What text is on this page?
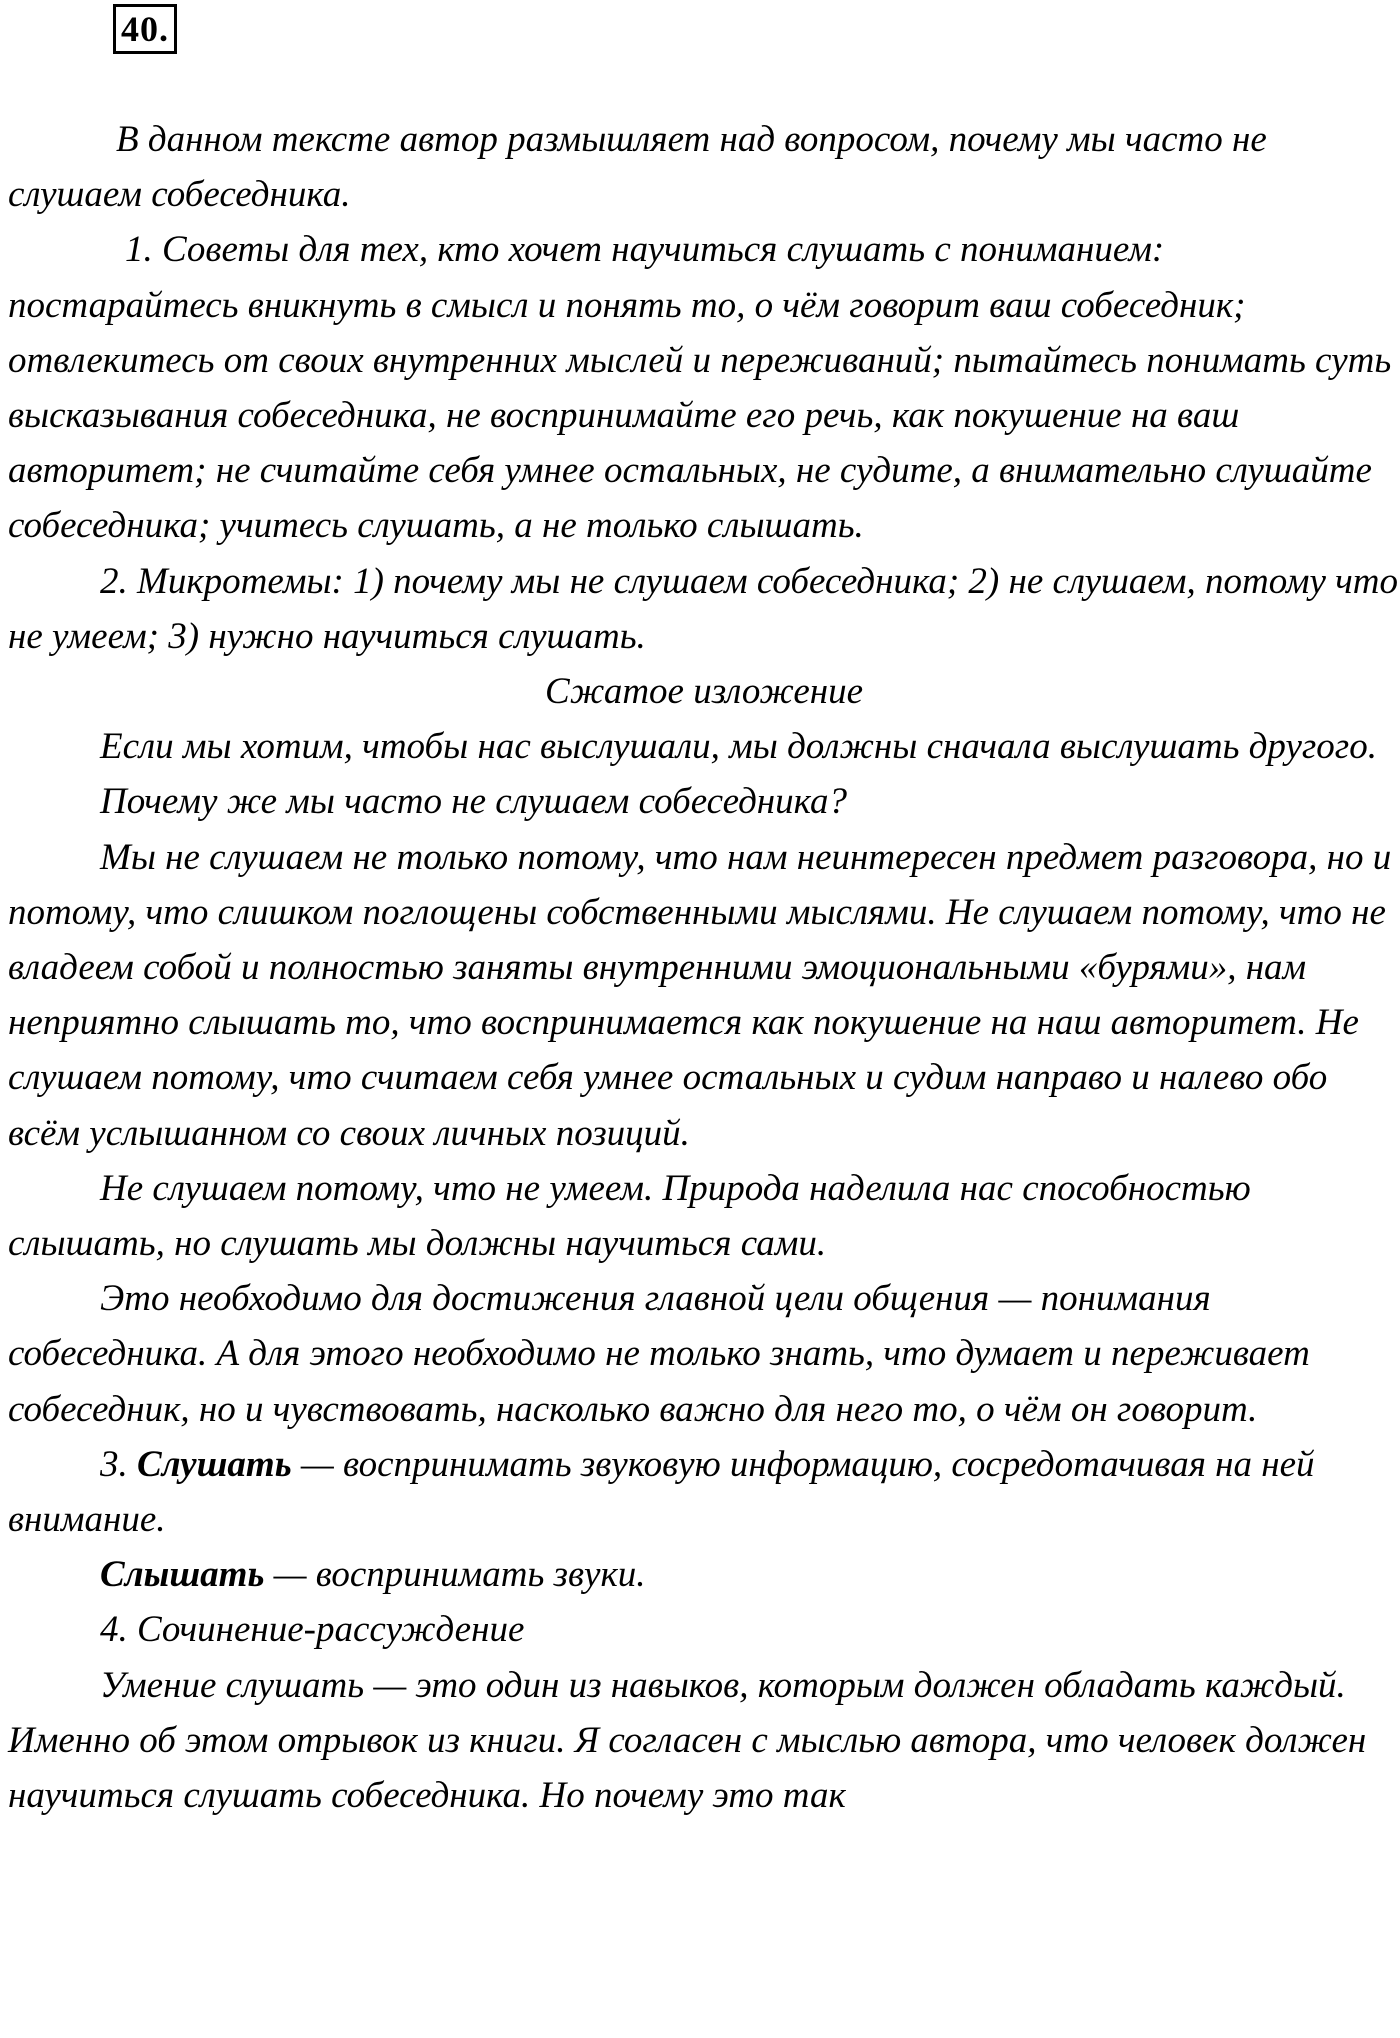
40.

В данном тексте автор размышляет над вопросом, почему мы часто не слушаем собеседника.

1. Советы для тех, кто хочет научиться слушать с пониманием: постарайтесь вникнуть в смысл и понять то, о чём говорит ваш собеседник; отвлекитесь от своих внутренних мыслей и переживаний; пытайтесь понимать суть высказывания собеседника, не воспринимайте его речь, как покушение на ваш авторитет; не считайте себя умнее остальных, не судите, а внимательно слушайте собеседника; учитесь слушать, а не только слышать.

2. Микротемы: 1) почему мы не слушаем собеседника; 2) не слушаем, потому что не умеем; 3) нужно научиться слушать.

Сжатое изложение

Если мы хотим, чтобы нас выслушали, мы должны сначала выслушать другого.

Почему же мы часто не слушаем собеседника?

Мы не слушаем не только потому, что нам неинтересен предмет разговора, но и потому, что слишком поглощены собственными мыслями. Не слушаем потому, что не владеем собой и полностью заняты внутренними эмоциональными «бурями», нам неприятно слышать то, что воспринимается как покушение на наш авторитет. Не слушаем потому, что считаем себя умнее остальных и судим направо и налево обо всём услышанном со своих личных позиций.

Не слушаем потому, что не умеем. Природа наделила нас способностью слышать, но слушать мы должны научиться сами.

Это необходимо для достижения главной цели общения — понимания собеседника. А для этого необходимо не только знать, что думает и переживает собеседник, но и чувствовать, насколько важно для него то, о чём он говорит.

3. Слушать — воспринимать звуковую информацию, сосредотачивая на ней внимание.

Слышать — воспринимать звуки.

4. Сочинение-рассуждение

Умение слушать — это один из навыков, которым должен обладать каждый. Именно об этом отрывок из книги. Я согласен с мыслью автора, что человек должен научиться слушать собеседника. Но почему это так
